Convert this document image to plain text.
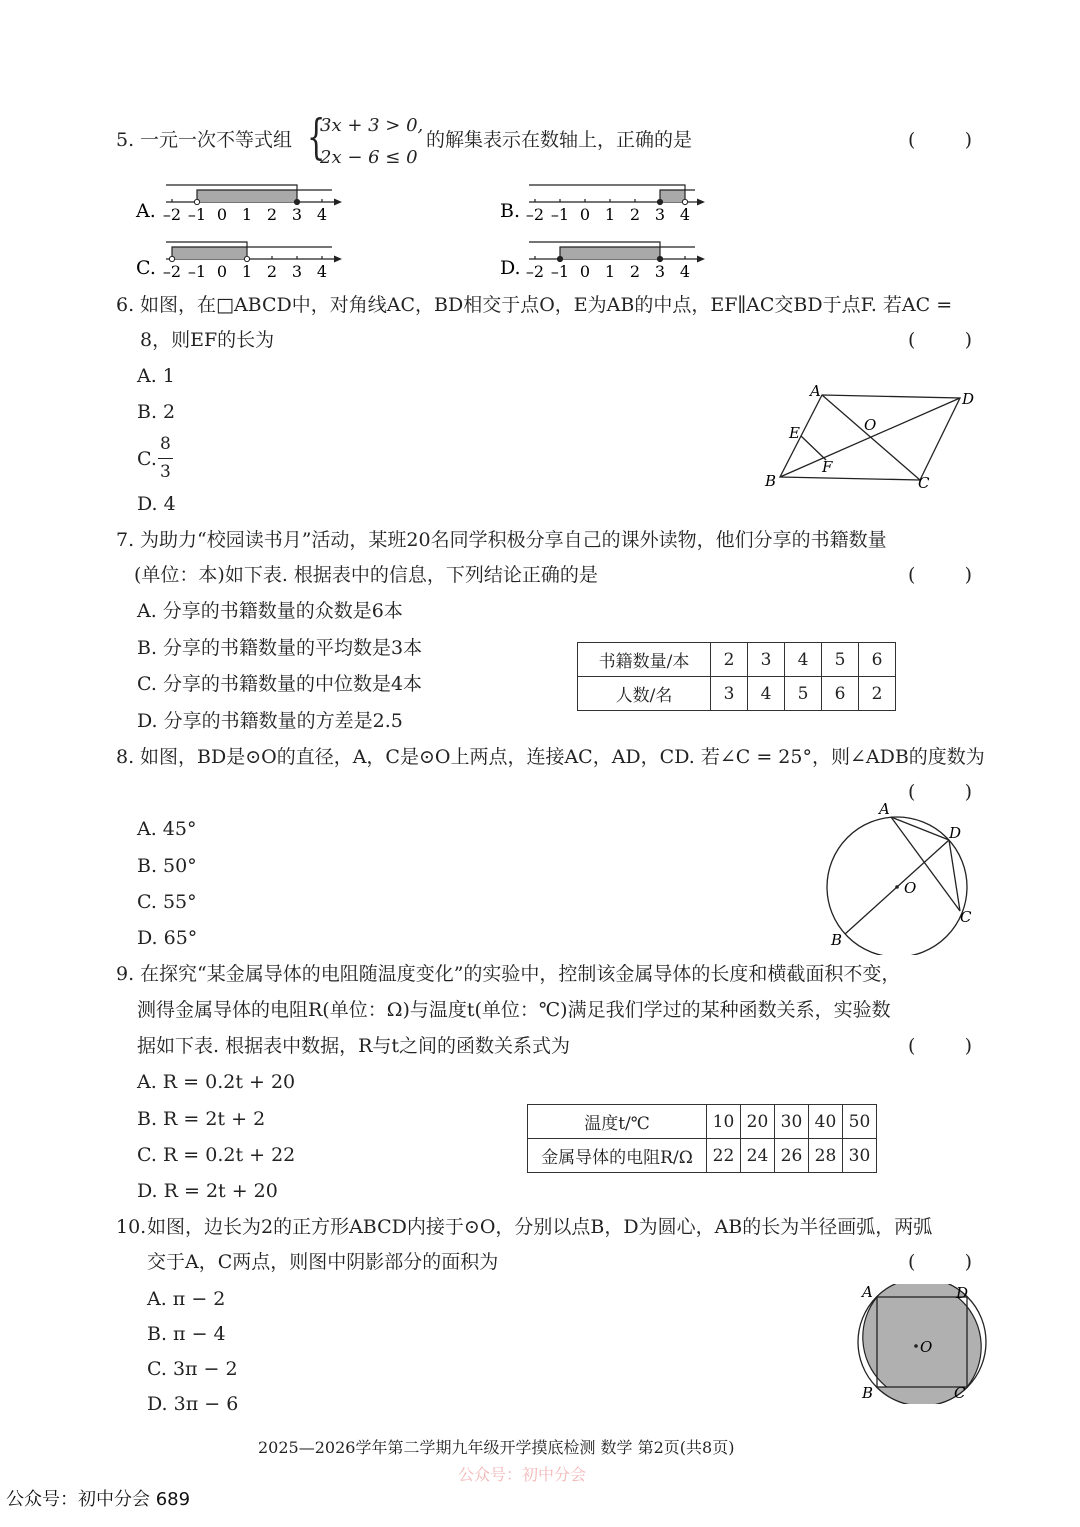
5. 一元一次不等式组 {
3x + 3 > 0,
2x − 6 ≤ 0
的解集表示在数轴上，正确的是	(	)
A.	B.
C.	D.
–2 –1 0 1 2 3 4	–2 –1 0 1 2 3 4
–2 –1 0 1 2 3 4	–2 –1 0 1 2 3 4
6. 如图，在□ABCD中，对角线AC，BD相交于点O，E为AB的中点，EF∥AC交BD于点F. 若AC =
8，则EF的长为	(	)
A. 1
B. 2
C.
8
3
D. 4
A	D
E	O
F
B	C
7. 为助力“校园读书月”活动，某班20名同学积极分享自己的课外读物，他们分享的书籍数量
(单位：本)如下表. 根据表中的信息，下列结论正确的是	(	)
A. 分享的书籍数量的众数是6本
B. 分享的书籍数量的平均数是3本
C. 分享的书籍数量的中位数是4本
D. 分享的书籍数量的方差是2.5
书籍数量/本	2	3	4	5	6
人数/名	3	4	5	6	2
8. 如图，BD是⊙O的直径，A，C是⊙O上两点，连接AC，AD，CD. 若∠C = 25°，则∠ADB的度数为
(	)
A. 45°
B. 50°
C. 55°
D. 65°
A
D
O
C
B
9. 在探究“某金属导体的电阻随温度变化”的实验中，控制该金属导体的长度和横截面积不变，
测得金属导体的电阻R(单位：Ω)与温度t(单位：℃)满足我们学过的某种函数关系，实验数
据如下表. 根据表中数据，R与t之间的函数关系式为	(	)
A. R = 0.2t + 20
B. R = 2t + 2
C. R = 0.2t + 22
D. R = 2t + 20
温度t/℃	10	20	30	40	50
金属导体的电阻R/Ω	22	24	26	28	30
10. 如图，边长为2的正方形ABCD内接于⊙O，分别以点B，D为圆心，AB的长为半径画弧，两弧
交于A，C两点，则图中阴影部分的面积为	(	)
A. π − 2
B. π − 4
C. 3π − 2
D. 3π − 6
A	D
O
B	C
2025—2026学年第二学期九年级开学摸底检测 数学 第2页(共8页)
公众号：初中分会
公众号：初中分会 689
